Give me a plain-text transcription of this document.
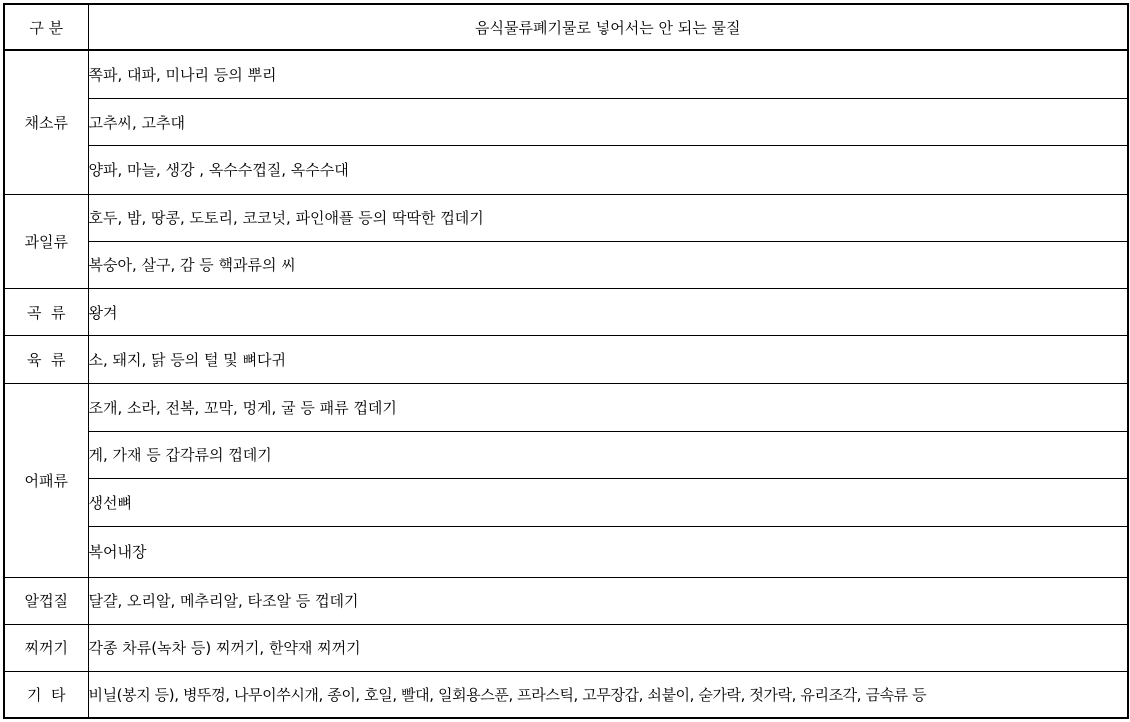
구 분	음식물류폐기물로 넣어서는 안 되는 물질
채소류	쪽파, 대파, 미나리 등의 뿌리
	고추씨, 고추대
	양파, 마늘, 생강 , 옥수수껍질, 옥수수대
과일류	호두, 밤, 땅콩, 도토리, 코코넛, 파인애플 등의 딱딱한 껍데기
	복숭아, 살구, 감 등 핵과류의 씨
곡  류	왕겨
육  류	소, 돼지, 닭 등의 털 및 뼈다귀
어패류	조개, 소라, 전복, 꼬막, 멍게, 굴 등 패류 껍데기
	게, 가재 등 갑각류의 껍데기
	생선뼈
	복어내장
알껍질	달걀, 오리알, 메추리알, 타조알 등 껍데기
찌꺼기	각종 차류(녹차 등) 찌꺼기, 한약재 찌꺼기
기  타	비닐(봉지 등), 병뚜껑, 나무이쑤시개, 종이, 호일, 빨대, 일회용스푼, 프라스틱, 고무장갑, 쇠붙이, 숟가락, 젓가락, 유리조각, 금속류 등
